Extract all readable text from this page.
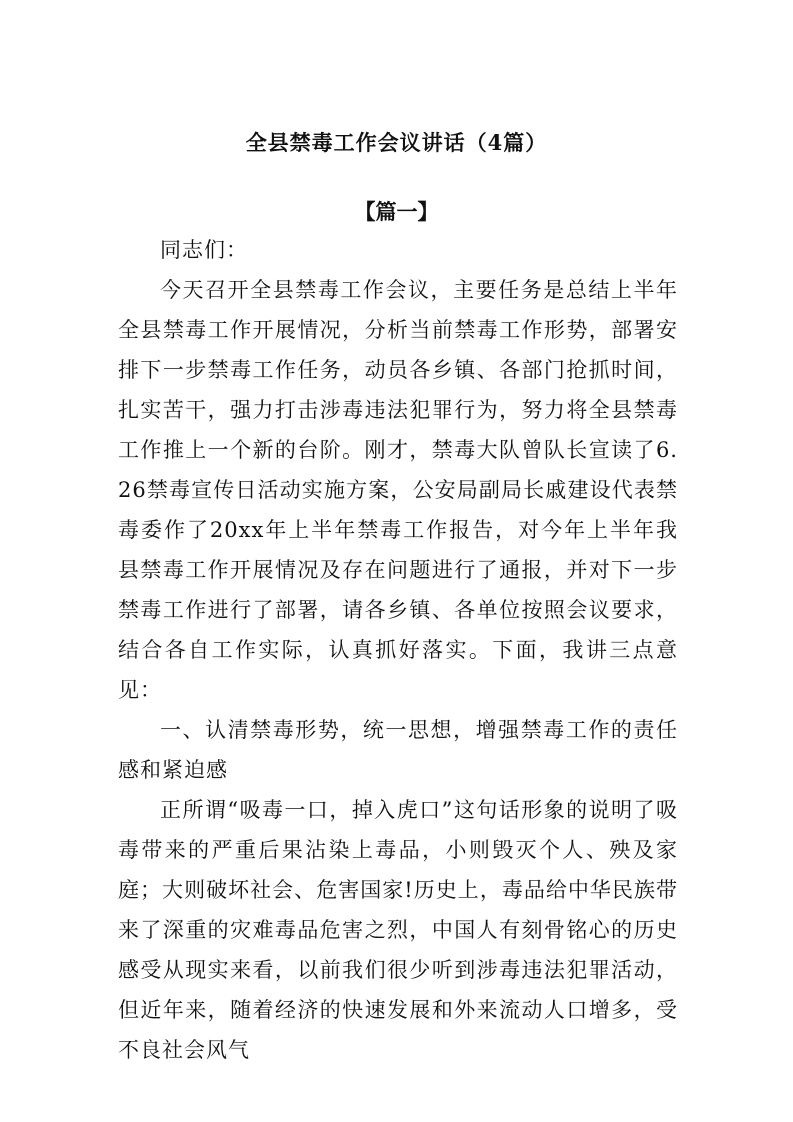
全县禁毒工作会议讲话（4篇）
【篇一】

同志们：

今天召开全县禁毒工作会议，主要任务是总结上半年全县禁毒工作开展情况，分析当前禁毒工作形势，部署安排下一步禁毒工作任务，动员各乡镇、各部门抢抓时间，扎实苦干，强力打击涉毒违法犯罪行为，努力将全县禁毒工作推上一个新的台阶。刚才，禁毒大队曾队长宣读了6.26禁毒宣传日活动实施方案，公安局副局长戚建设代表禁毒委作了20xx年上半年禁毒工作报告，对今年上半年我县禁毒工作开展情况及存在问题进行了通报，并对下一步禁毒工作进行了部署，请各乡镇、各单位按照会议要求，结合各自工作实际，认真抓好落实。下面，我讲三点意见：

一、认清禁毒形势，统一思想，增强禁毒工作的责任感和紧迫感

正所谓“吸毒一口，掉入虎口”这句话形象的说明了吸毒带来的严重后果沾染上毒品，小则毁灭个人、殃及家庭；大则破坏社会、危害国家!历史上，毒品给中华民族带来了深重的灾难毒品危害之烈，中国人有刻骨铭心的历史感受从现实来看，以前我们很少听到涉毒违法犯罪活动，但近年来，随着经济的快速发展和外来流动人口增多，受不良社会风气
